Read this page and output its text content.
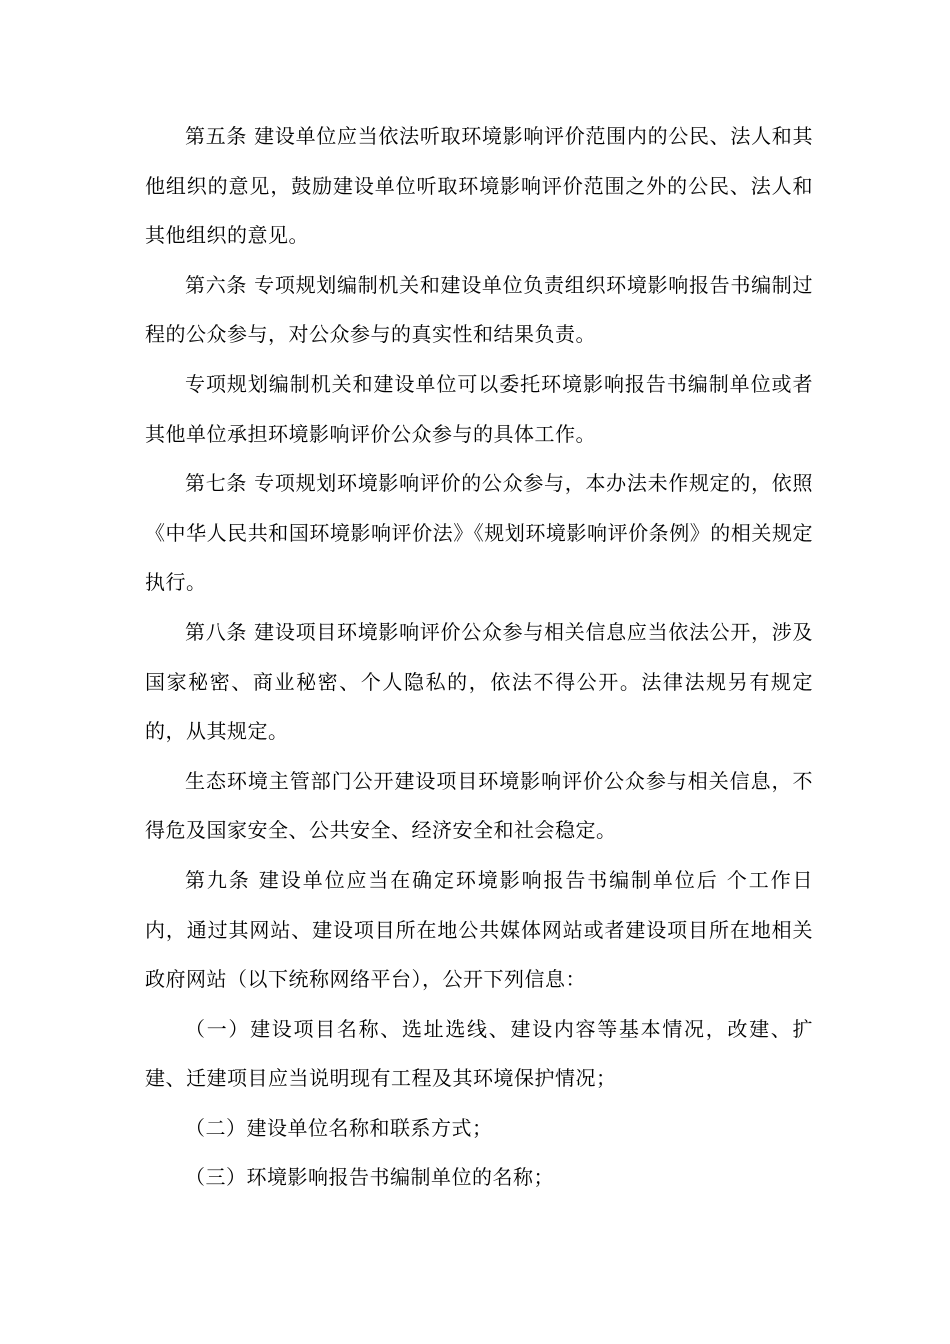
第五条 建设单位应当依法听取环境影响评价范围内的公民、法人和其他组织的意见，鼓励建设单位听取环境影响评价范围之外的公民、法人和其他组织的意见。

第六条 专项规划编制机关和建设单位负责组织环境影响报告书编制过程的公众参与，对公众参与的真实性和结果负责。

专项规划编制机关和建设单位可以委托环境影响报告书编制单位或者其他单位承担环境影响评价公众参与的具体工作。

第七条 专项规划环境影响评价的公众参与，本办法未作规定的，依照《中华人民共和国环境影响评价法》《规划环境影响评价条例》的相关规定执行。

第八条 建设项目环境影响评价公众参与相关信息应当依法公开，涉及国家秘密、商业秘密、个人隐私的，依法不得公开。法律法规另有规定的，从其规定。

生态环境主管部门公开建设项目环境影响评价公众参与相关信息，不得危及国家安全、公共安全、经济安全和社会稳定。

第九条 建设单位应当在确定环境影响报告书编制单位后 个工作日内，通过其网站、建设项目所在地公共媒体网站或者建设项目所在地相关政府网站（以下统称网络平台），公开下列信息：

（一）建设项目名称、选址选线、建设内容等基本情况，改建、扩建、迁建项目应当说明现有工程及其环境保护情况；

（二）建设单位名称和联系方式；

（三）环境影响报告书编制单位的名称；
